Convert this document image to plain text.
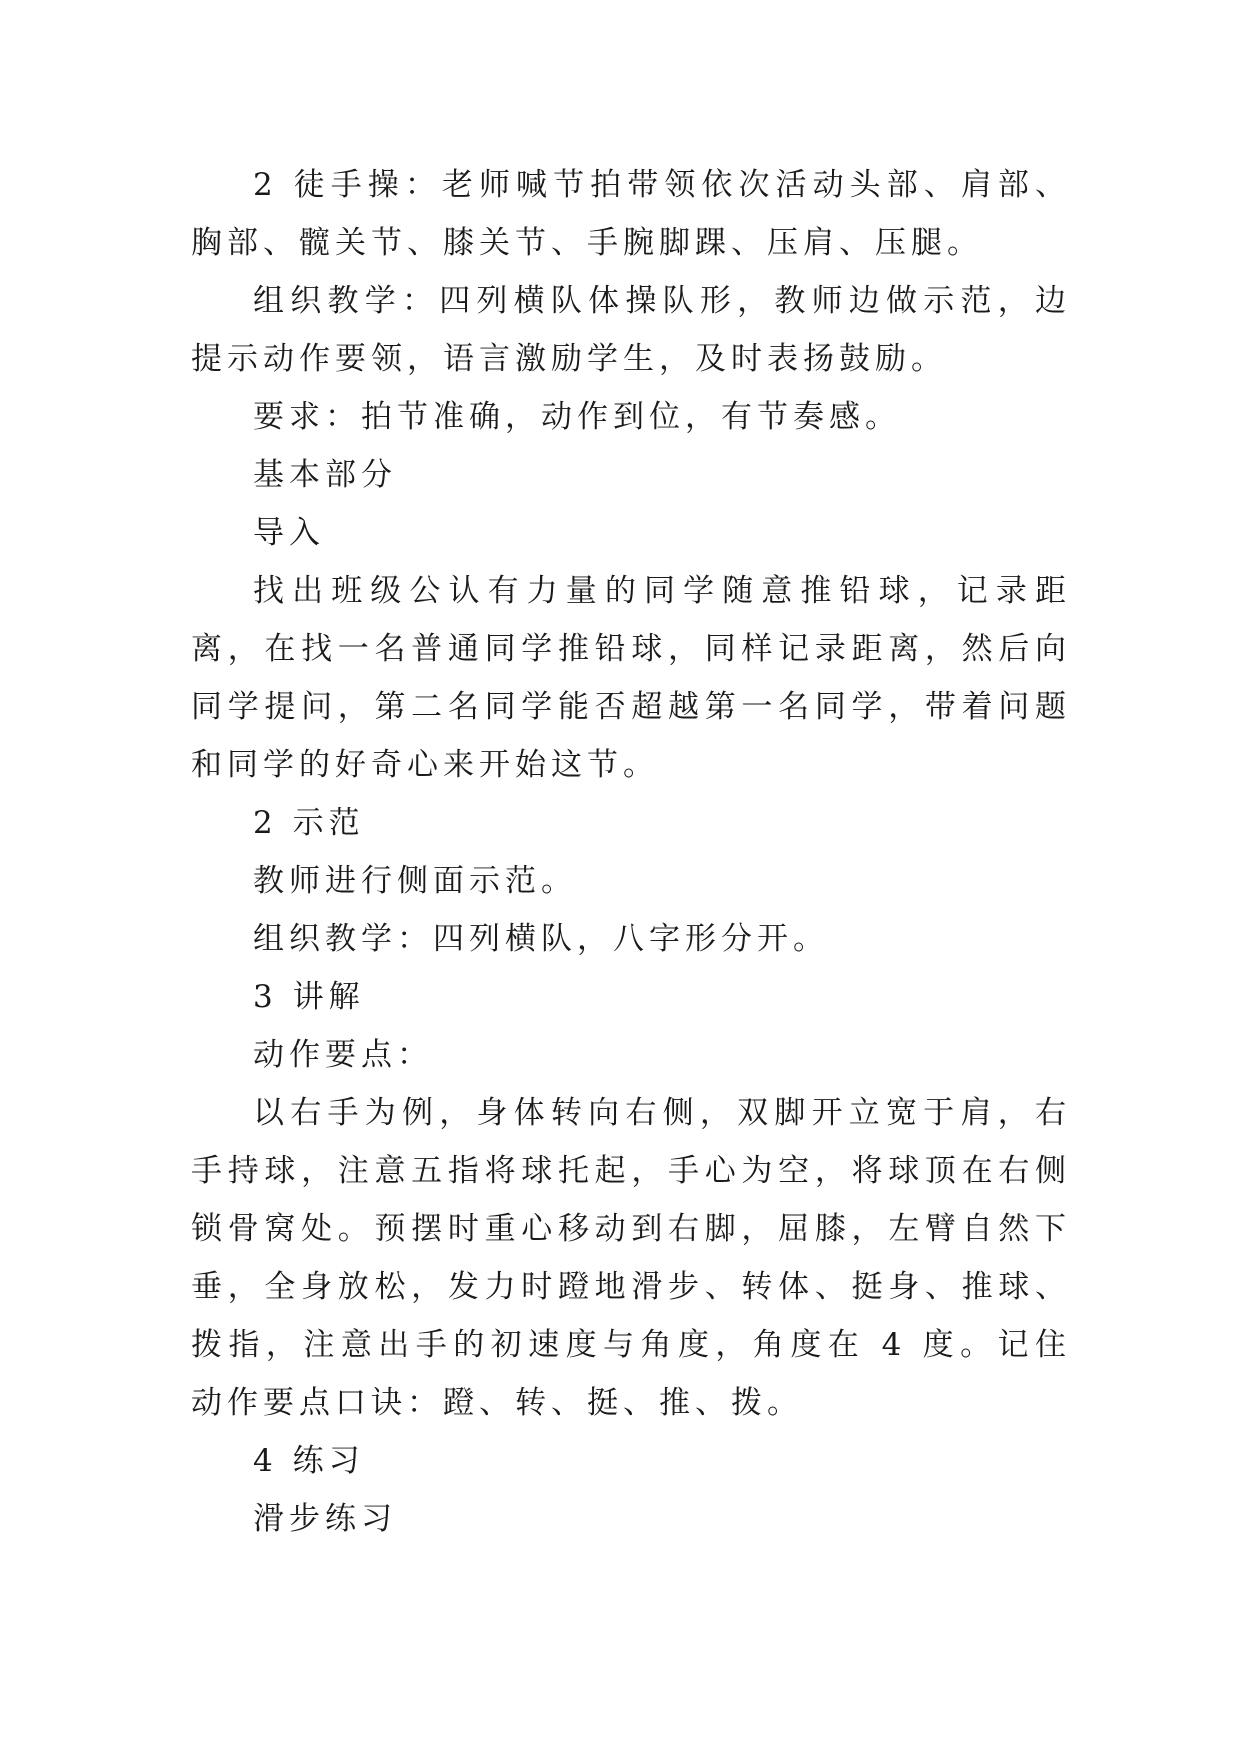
2 徒手操：老师喊节拍带领依次活动头部、肩部、胸部、髋关节、膝关节、手腕脚踝、压肩、压腿。

组织教学：四列横队体操队形，教师边做示范，边提示动作要领，语言激励学生，及时表扬鼓励。

要求：拍节准确，动作到位，有节奏感。

基本部分

导入

找出班级公认有力量的同学随意推铅球，记录距离，在找一名普通同学推铅球，同样记录距离，然后向同学提问，第二名同学能否超越第一名同学，带着问题和同学的好奇心来开始这节。

2 示范

教师进行侧面示范。

组织教学：四列横队，八字形分开。

3 讲解

动作要点：

以右手为例，身体转向右侧，双脚开立宽于肩，右手持球，注意五指将球托起，手心为空，将球顶在右侧锁骨窝处。预摆时重心移动到右脚，屈膝，左臂自然下垂，全身放松，发力时蹬地滑步、转体、挺身、推球、拨指，注意出手的初速度与角度，角度在 4 度。记住动作要点口诀：蹬、转、挺、推、拨。

4 练习

滑步练习
